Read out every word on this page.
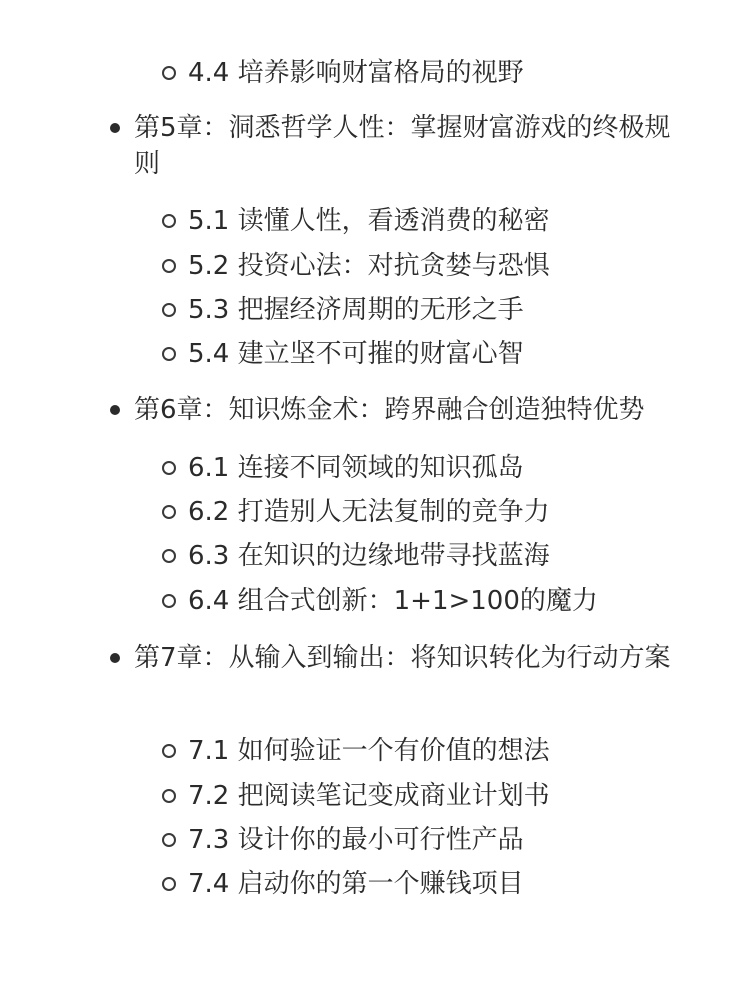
4.4 培养影响财富格局的视野
第5章：洞悉哲学人性：掌握财富游戏的终极规则
5.1 读懂人性，看透消费的秘密
5.2 投资心法：对抗贪婪与恐惧
5.3 把握经济周期的无形之手
5.4 建立坚不可摧的财富心智
第6章：知识炼金术：跨界融合创造独特优势
6.1 连接不同领域的知识孤岛
6.2 打造别人无法复制的竞争力
6.3 在知识的边缘地带寻找蓝海
6.4 组合式创新：1+1>100的魔力
第7章：从输入到输出：将知识转化为行动方案
7.1 如何验证一个有价值的想法
7.2 把阅读笔记变成商业计划书
7.3 设计你的最小可行性产品
7.4 启动你的第一个赚钱项目
